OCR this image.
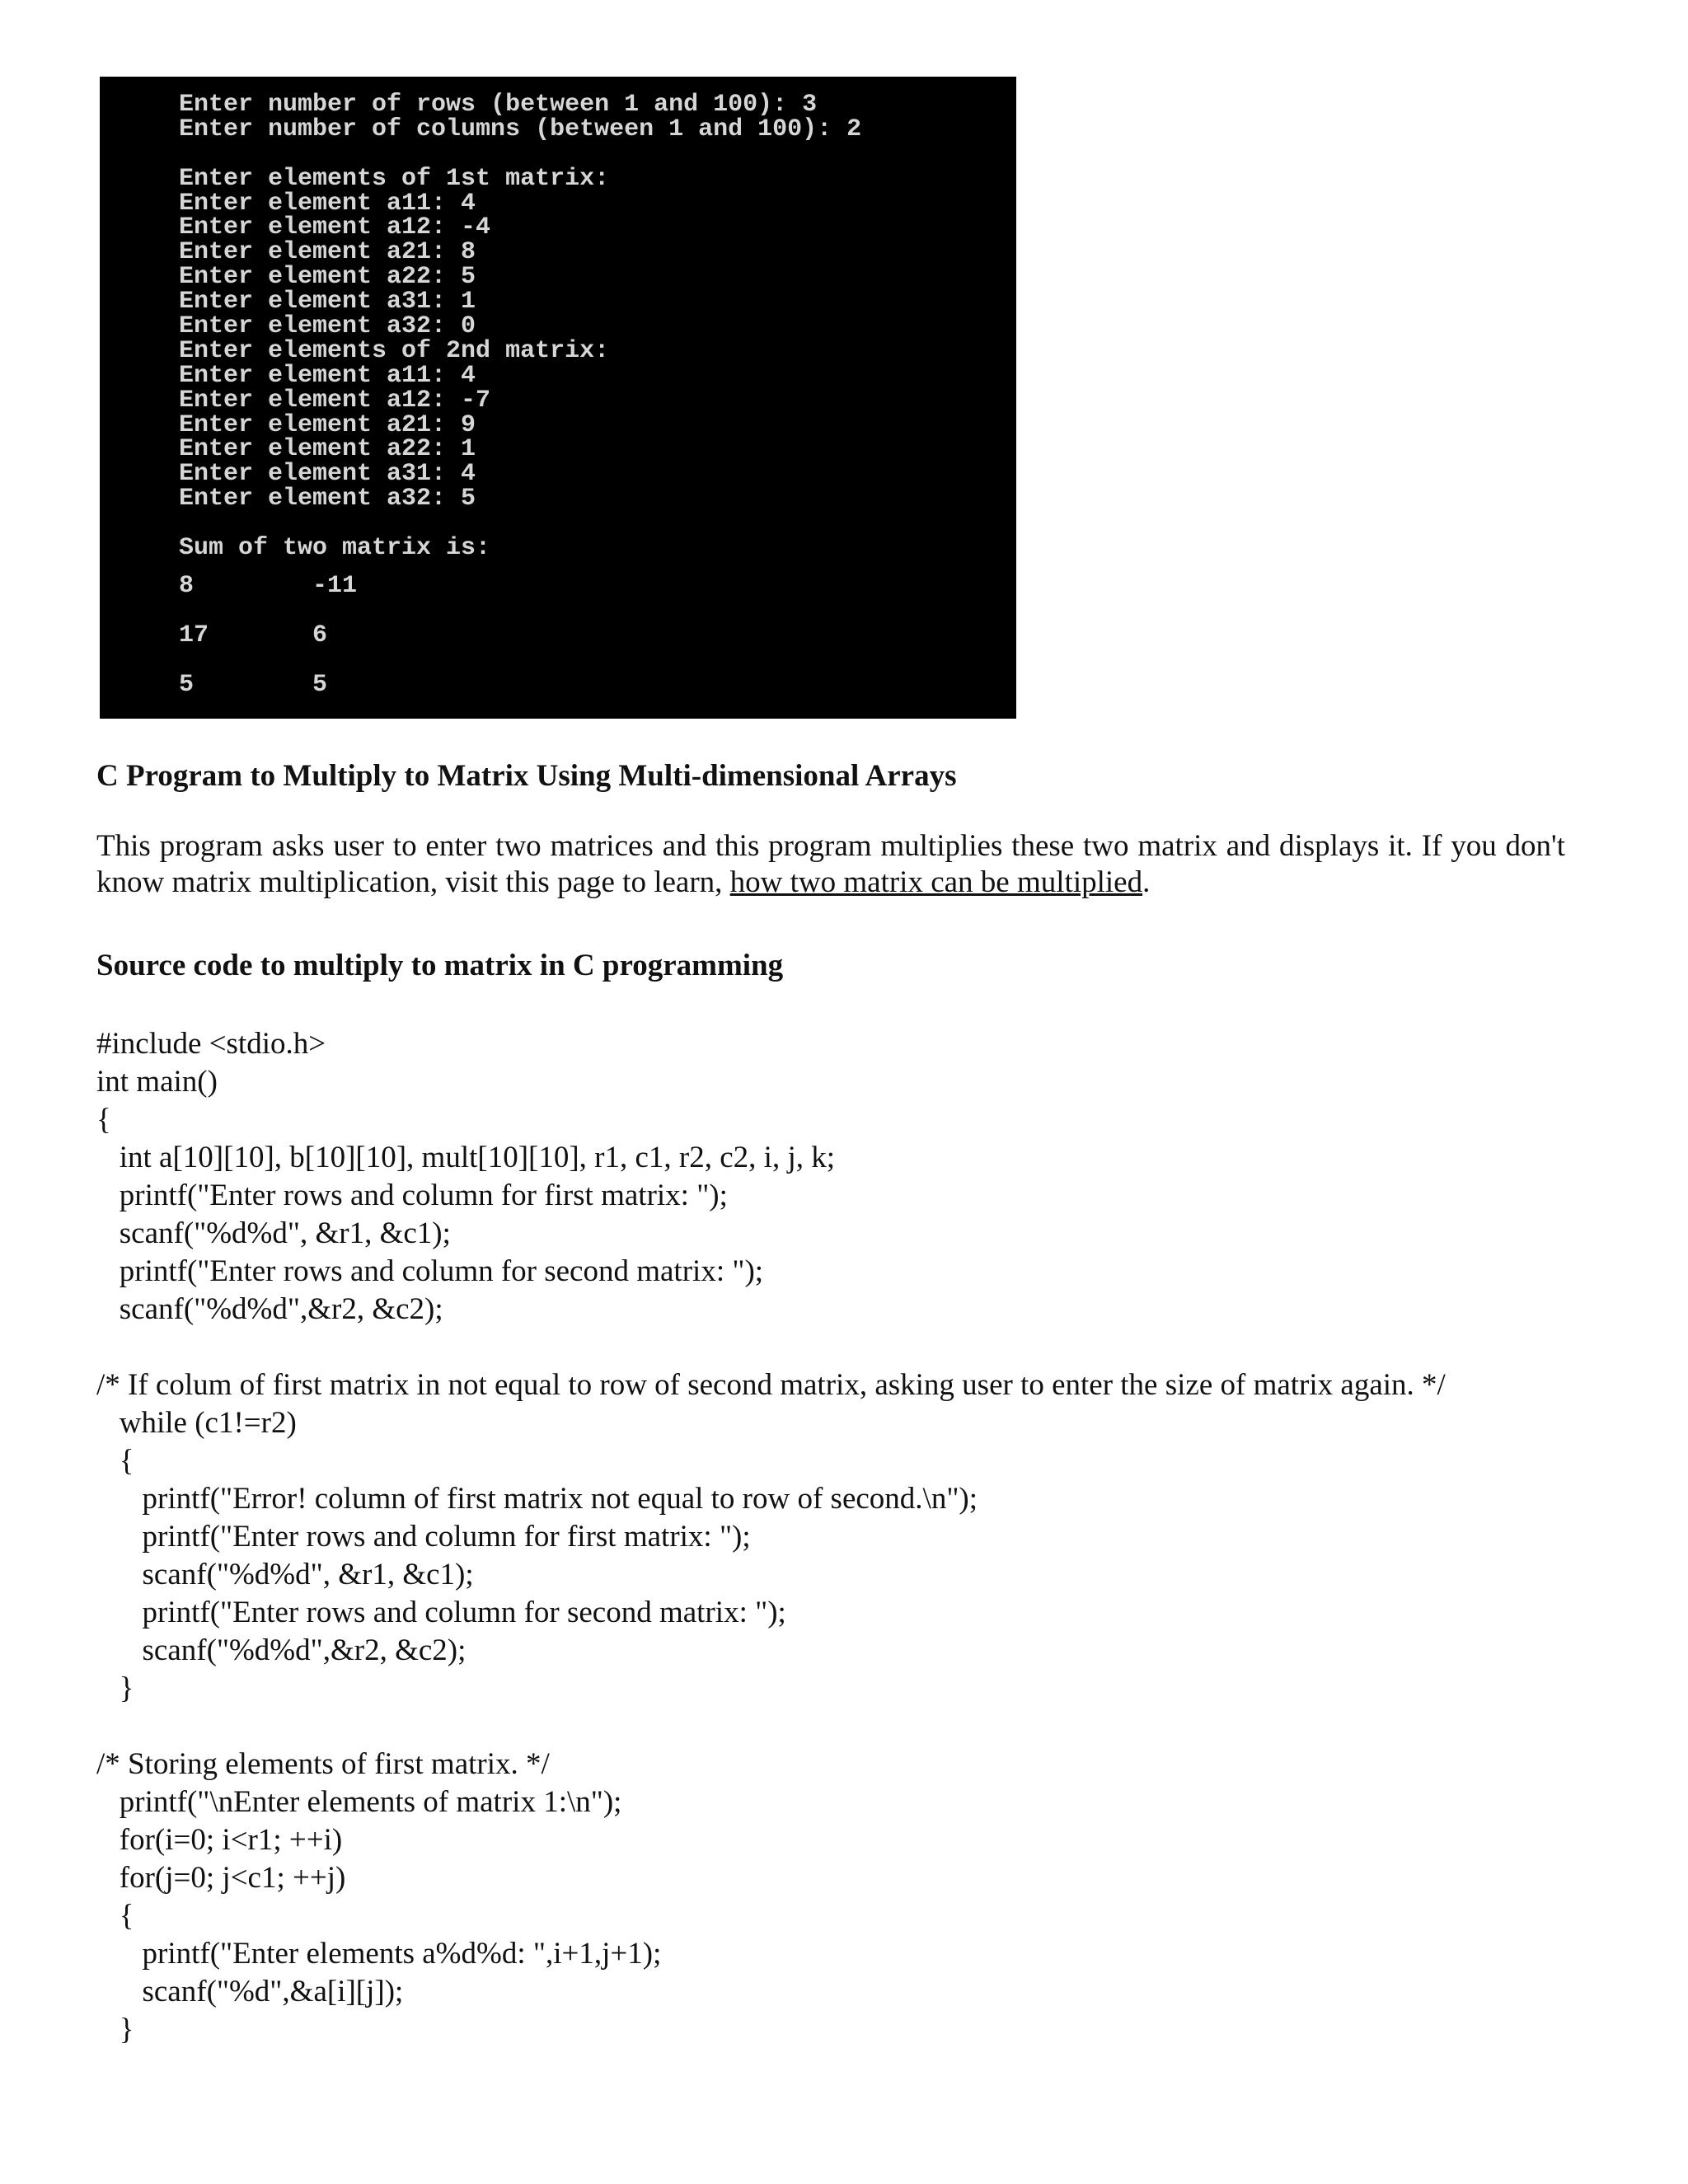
Enter number of rows (between 1 and 100): 3
Enter number of columns (between 1 and 100): 2
Enter elements of 1st matrix:
Enter element a11: 4
Enter element a12: -4
Enter element a21: 8
Enter element a22: 5
Enter element a31: 1
Enter element a32: 0
Enter elements of 2nd matrix:
Enter element a11: 4
Enter element a12: -7
Enter element a21: 9
Enter element a22: 1
Enter element a31: 4
Enter element a32: 5
Sum of two matrix is:
8	-11
17	6
5	5
C Program to Multiply to Matrix Using Multi-dimensional Arrays
This program asks user to enter two matrices and this program multiplies these two matrix and displays it. If you don't know matrix multiplication, visit this page to learn, how two matrix can be multiplied.
Source code to multiply to matrix in C programming
#include <stdio.h>
int main()
{
int a[10][10], b[10][10], mult[10][10], r1, c1, r2, c2, i, j, k;
printf("Enter rows and column for first matrix: ");
scanf("%d%d", &r1, &c1);
printf("Enter rows and column for second matrix: ");
scanf("%d%d",&r2, &c2);
/* If colum of first matrix in not equal to row of second matrix, asking user to enter the size of matrix again. */
while (c1!=r2)
{
printf("Error! column of first matrix not equal to row of second.\n");
printf("Enter rows and column for first matrix: ");
scanf("%d%d", &r1, &c1);
printf("Enter rows and column for second matrix: ");
scanf("%d%d",&r2, &c2);
}
/* Storing elements of first matrix. */
printf("\nEnter elements of matrix 1:\n");
for(i=0; i<r1; ++i)
for(j=0; j<c1; ++j)
{
printf("Enter elements a%d%d: ",i+1,j+1);
scanf("%d",&a[i][j]);
}
